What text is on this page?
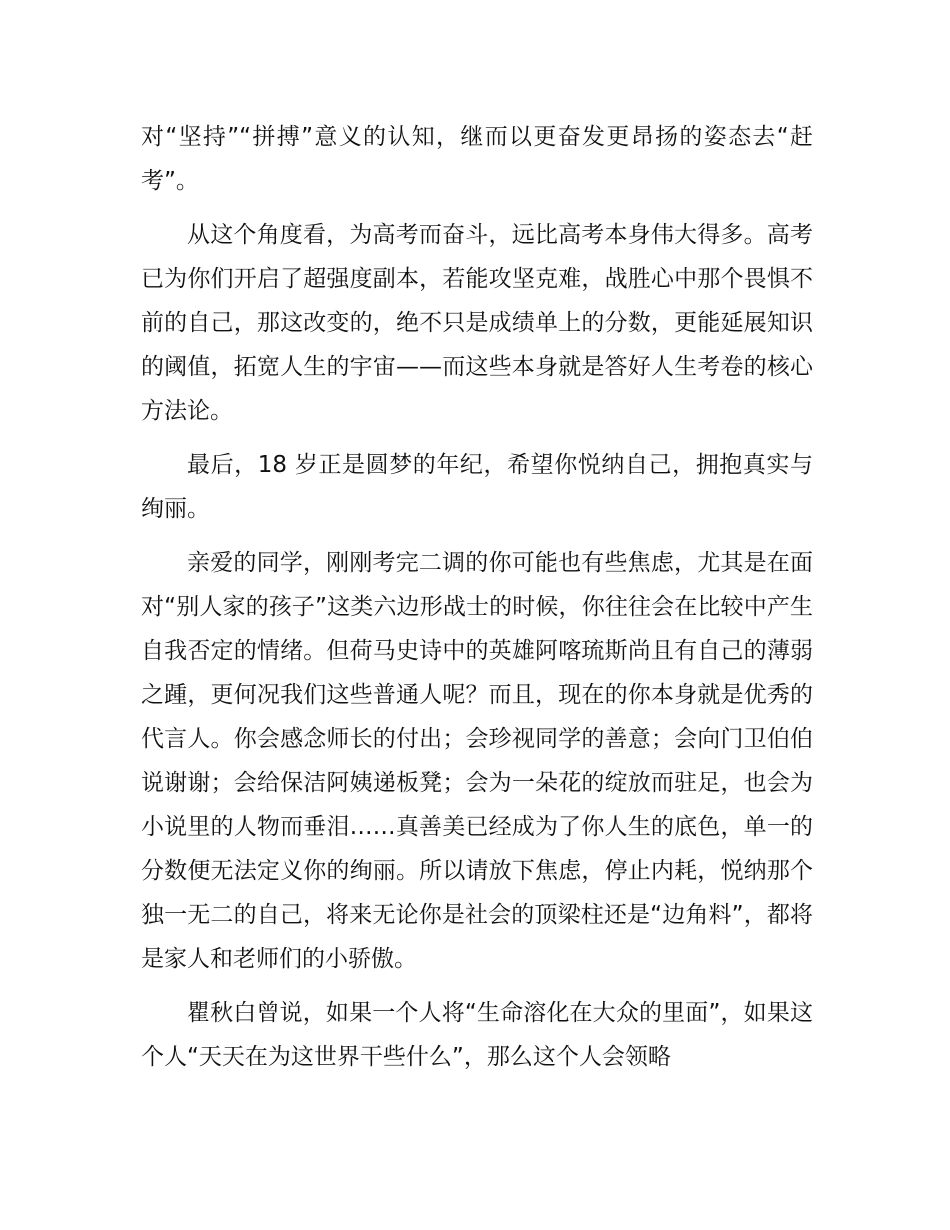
对“坚持”“拼搏”意义的认知，继而以更奋发更昂扬的姿态去“赶考”。

从这个角度看，为高考而奋斗，远比高考本身伟大得多。高考已为你们开启了超强度副本，若能攻坚克难，战胜心中那个畏惧不前的自己，那这改变的，绝不只是成绩单上的分数，更能延展知识的阈值，拓宽人生的宇宙——而这些本身就是答好人生考卷的核心方法论。

最后，18 岁正是圆梦的年纪，希望你悦纳自己，拥抱真实与绚丽。

亲爱的同学，刚刚考完二调的你可能也有些焦虑，尤其是在面对“别人家的孩子”这类六边形战士的时候，你往往会在比较中产生自我否定的情绪。但荷马史诗中的英雄阿喀琉斯尚且有自己的薄弱之踵，更何况我们这些普通人呢？而且，现在的你本身就是优秀的代言人。你会感念师长的付出；会珍视同学的善意；会向门卫伯伯说谢谢；会给保洁阿姨递板凳；会为一朵花的绽放而驻足，也会为小说里的人物而垂泪……真善美已经成为了你人生的底色，单一的分数便无法定义你的绚丽。所以请放下焦虑，停止内耗，悦纳那个独一无二的自己，将来无论你是社会的顶梁柱还是“边角料”，都将是家人和老师们的小骄傲。

瞿秋白曾说，如果一个人将“生命溶化在大众的里面”，如果这个人“天天在为这世界干些什么”，那么这个人会领略
